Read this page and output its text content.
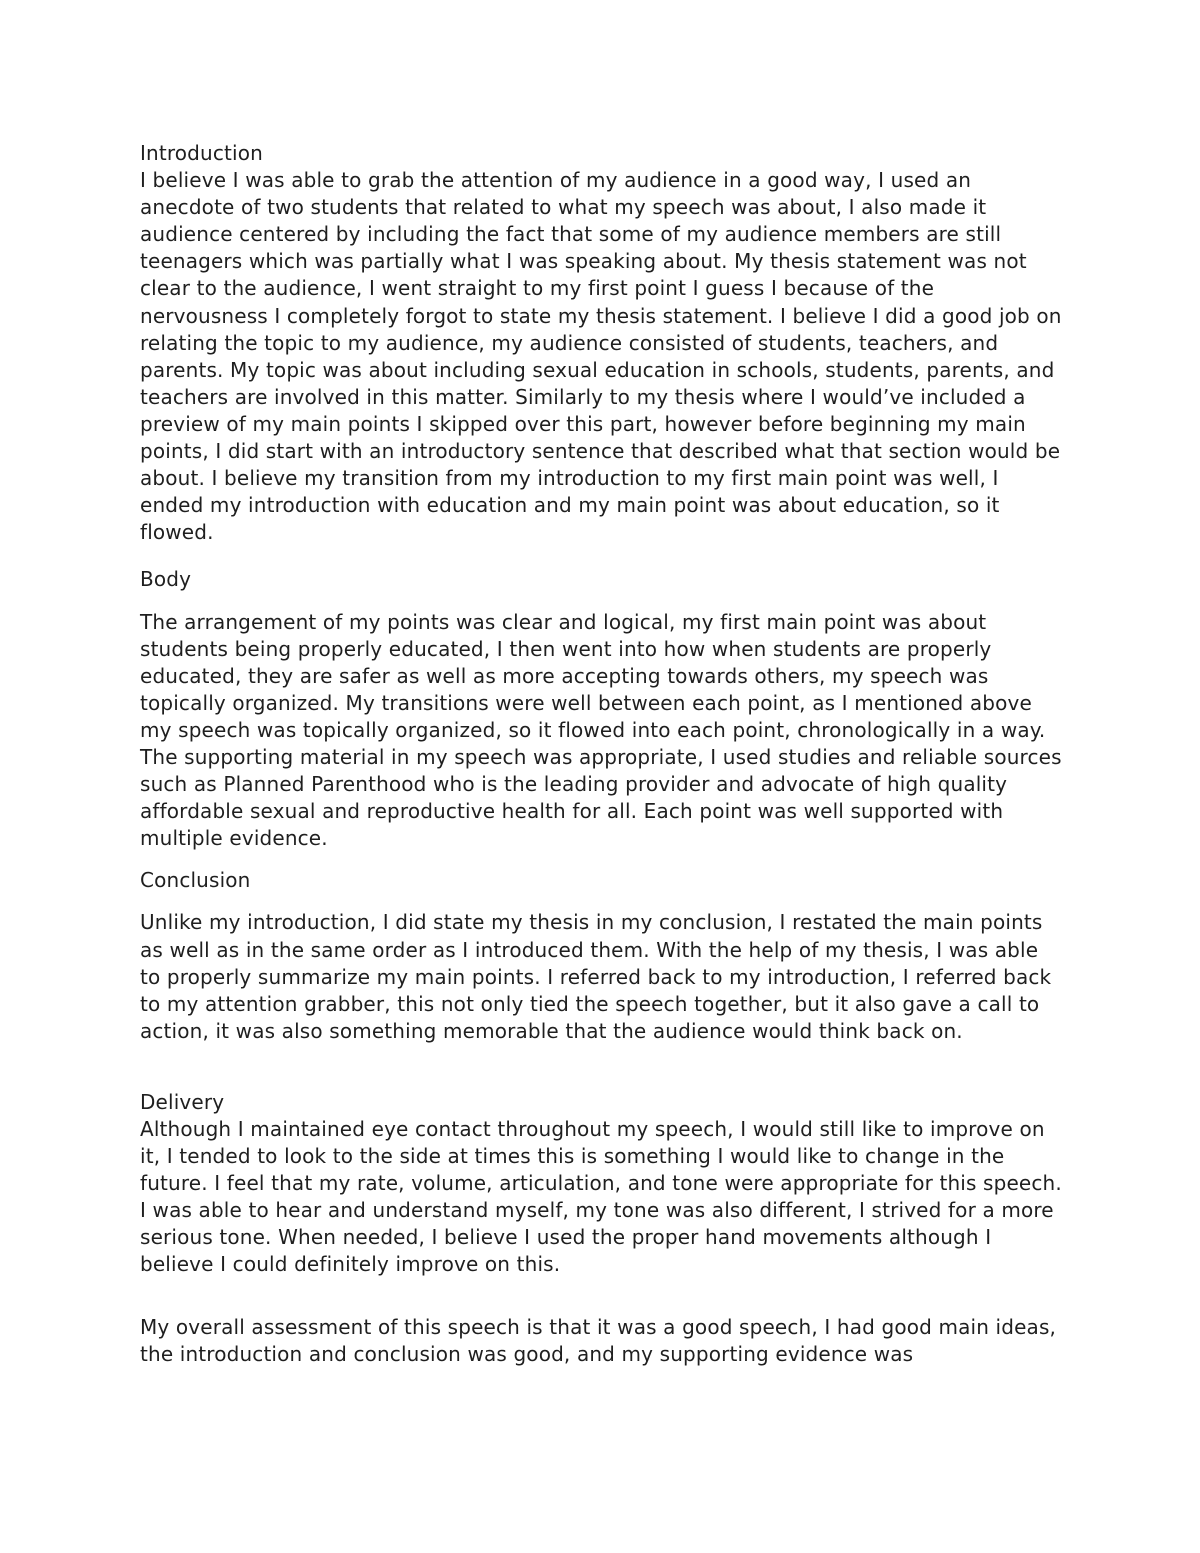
Introduction

I believe I was able to grab the attention of my audience in a good way, I used an anecdote of two students that related to what my speech was about, I also made it audience centered by including the fact that some of my audience members are still teenagers which was partially what I was speaking about. My thesis statement was not clear to the audience, I went straight to my first point I guess I because of the nervousness I completely forgot to state my thesis statement. I believe I did a good job on relating the topic to my audience, my audience consisted of students, teachers, and parents. My topic was about including sexual education in schools, students, parents, and teachers are involved in this matter. Similarly to my thesis where I would’ve included a preview of my main points I skipped over this part, however before beginning my main points, I did start with an introductory sentence that described what that section would be about. I believe my transition from my introduction to my first main point was well, I ended my introduction with education and my main point was about education, so it flowed.

Body

The arrangement of my points was clear and logical, my first main point was about students being properly educated, I then went into how when students are properly educated, they are safer as well as more accepting towards others, my speech was topically organized. My transitions were well between each point, as I mentioned above my speech was topically organized, so it flowed into each point, chronologically in a way. The supporting material in my speech was appropriate, I used studies and reliable sources such as Planned Parenthood who is the leading provider and advocate of high quality affordable sexual and reproductive health for all. Each point was well supported with multiple evidence.

Conclusion

Unlike my introduction, I did state my thesis in my conclusion, I restated the main points as well as in the same order as I introduced them. With the help of my thesis, I was able to properly summarize my main points. I referred back to my introduction, I referred back to my attention grabber, this not only tied the speech together, but it also gave a call to action, it was also something memorable that the audience would think back on.

Delivery

Although I maintained eye contact throughout my speech, I would still like to improve on it, I tended to look to the side at times this is something I would like to change in the future. I feel that my rate, volume, articulation, and tone were appropriate for this speech. I was able to hear and understand myself, my tone was also different, I strived for a more serious tone. When needed, I believe I used the proper hand movements although I believe I could definitely improve on this.

My overall assessment of this speech is that it was a good speech, I had good main ideas, the introduction and conclusion was good, and my supporting evidence was
